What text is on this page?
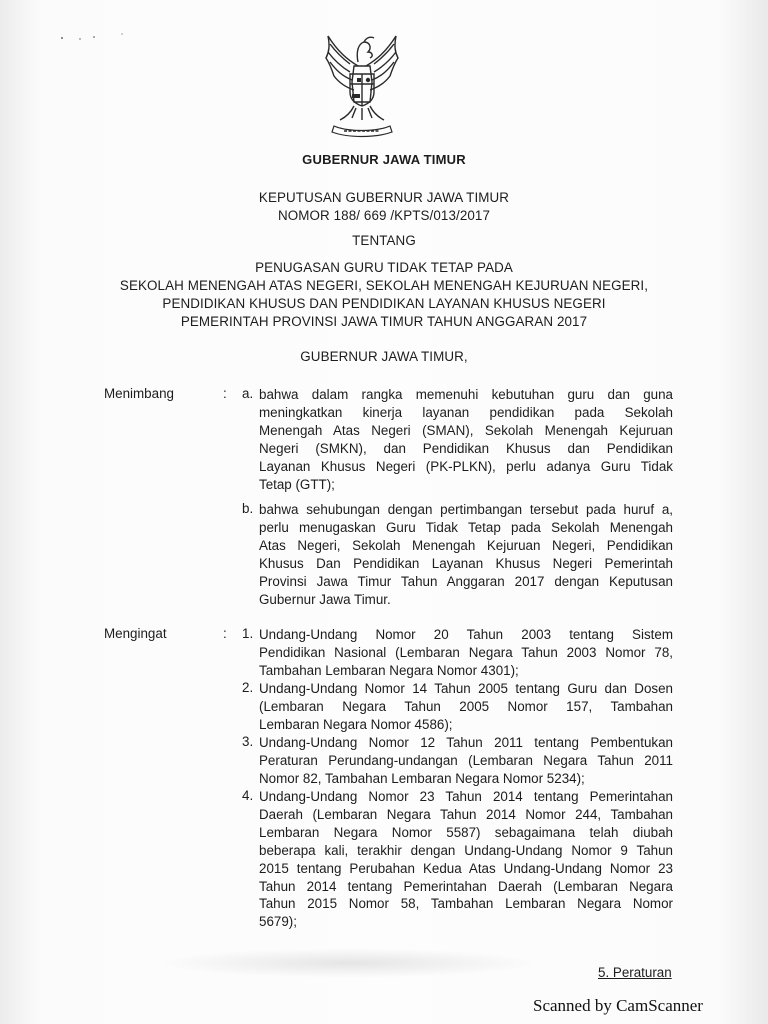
GUBERNUR JAWA TIMUR
KEPUTUSAN GUBERNUR JAWA TIMUR
NOMOR 188/ 669 /KPTS/013/2017
TENTANG
PENUGASAN GURU TIDAK TETAP PADA
SEKOLAH MENENGAH ATAS NEGERI, SEKOLAH MENENGAH KEJURUAN NEGERI,
PENDIDIKAN KHUSUS DAN PENDIDIKAN LAYANAN KHUSUS NEGERI
PEMERINTAH PROVINSI JAWA TIMUR TAHUN ANGGARAN 2017
GUBERNUR JAWA TIMUR,
Menimbang	: a. bahwa dalam rangka memenuhi kebutuhan guru dan guna
meningkatkan kinerja layanan pendidikan pada Sekolah
Menengah Atas Negeri (SMAN), Sekolah Menengah Kejuruan
Negeri (SMKN), dan Pendidikan Khusus dan Pendidikan
Layanan Khusus Negeri (PK-PLKN), perlu adanya Guru Tidak
Tetap (GTT);
b. bahwa sehubungan dengan pertimbangan tersebut pada huruf a,
perlu menugaskan Guru Tidak Tetap pada Sekolah Menengah
Atas Negeri, Sekolah Menengah Kejuruan Negeri, Pendidikan
Khusus Dan Pendidikan Layanan Khusus Negeri Pemerintah
Provinsi Jawa Timur Tahun Anggaran 2017 dengan Keputusan
Gubernur Jawa Timur.
Mengingat	: 1. Undang-Undang Nomor 20 Tahun 2003 tentang Sistem
Pendidikan Nasional (Lembaran Negara Tahun 2003 Nomor 78,
Tambahan Lembaran Negara Nomor 4301);
2. Undang-Undang Nomor 14 Tahun 2005 tentang Guru dan Dosen
(Lembaran Negara Tahun 2005 Nomor 157, Tambahan
Lembaran Negara Nomor 4586);
3. Undang-Undang Nomor 12 Tahun 2011 tentang Pembentukan
Peraturan Perundang-undangan (Lembaran Negara Tahun 2011
Nomor 82, Tambahan Lembaran Negara Nomor 5234);
4. Undang-Undang Nomor 23 Tahun 2014 tentang Pemerintahan
Daerah (Lembaran Negara Tahun 2014 Nomor 244, Tambahan
Lembaran Negara Nomor 5587) sebagaimana telah diubah
beberapa kali, terakhir dengan Undang-Undang Nomor 9 Tahun
2015 tentang Perubahan Kedua Atas Undang-Undang Nomor 23
Tahun 2014 tentang Pemerintahan Daerah (Lembaran Negara
Tahun 2015 Nomor 58, Tambahan Lembaran Negara Nomor
5679);
5. Peraturan
Scanned by CamScanner
